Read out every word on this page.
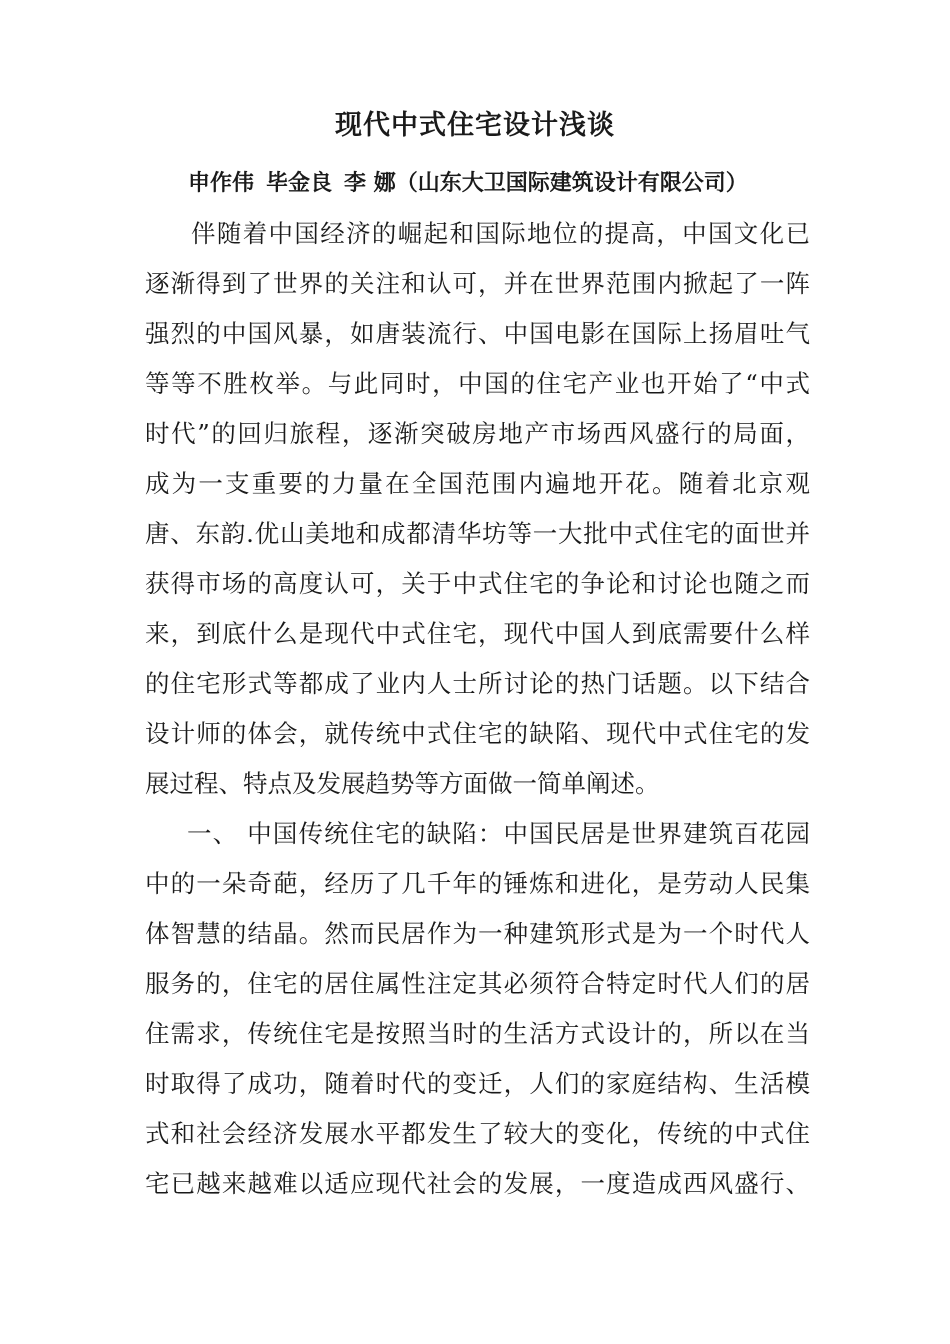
现代中式住宅设计浅谈
申作伟 毕金良 李 娜（山东大卫国际建筑设计有限公司）
伴随着中国经济的崛起和国际地位的提高，中国文化已
逐渐得到了世界的关注和认可，并在世界范围内掀起了一阵
强烈的中国风暴，如唐装流行、中国电影在国际上扬眉吐气
等等不胜枚举。与此同时，中国的住宅产业也开始了“中式
时代”的回归旅程，逐渐突破房地产市场西风盛行的局面，
成为一支重要的力量在全国范围内遍地开花。随着北京观
唐、东韵.优山美地和成都清华坊等一大批中式住宅的面世并
获得市场的高度认可，关于中式住宅的争论和讨论也随之而
来，到底什么是现代中式住宅，现代中国人到底需要什么样
的住宅形式等都成了业内人士所讨论的热门话题。以下结合
设计师的体会，就传统中式住宅的缺陷、现代中式住宅的发
展过程、特点及发展趋势等方面做一简单阐述。
一、 中国传统住宅的缺陷：中国民居是世界建筑百花园
中的一朵奇葩，经历了几千年的锤炼和进化，是劳动人民集
体智慧的结晶。然而民居作为一种建筑形式是为一个时代人
服务的，住宅的居住属性注定其必须符合特定时代人们的居
住需求，传统住宅是按照当时的生活方式设计的，所以在当
时取得了成功，随着时代的变迁，人们的家庭结构、生活模
式和社会经济发展水平都发生了较大的变化，传统的中式住
宅已越来越难以适应现代社会的发展，一度造成西风盛行、
